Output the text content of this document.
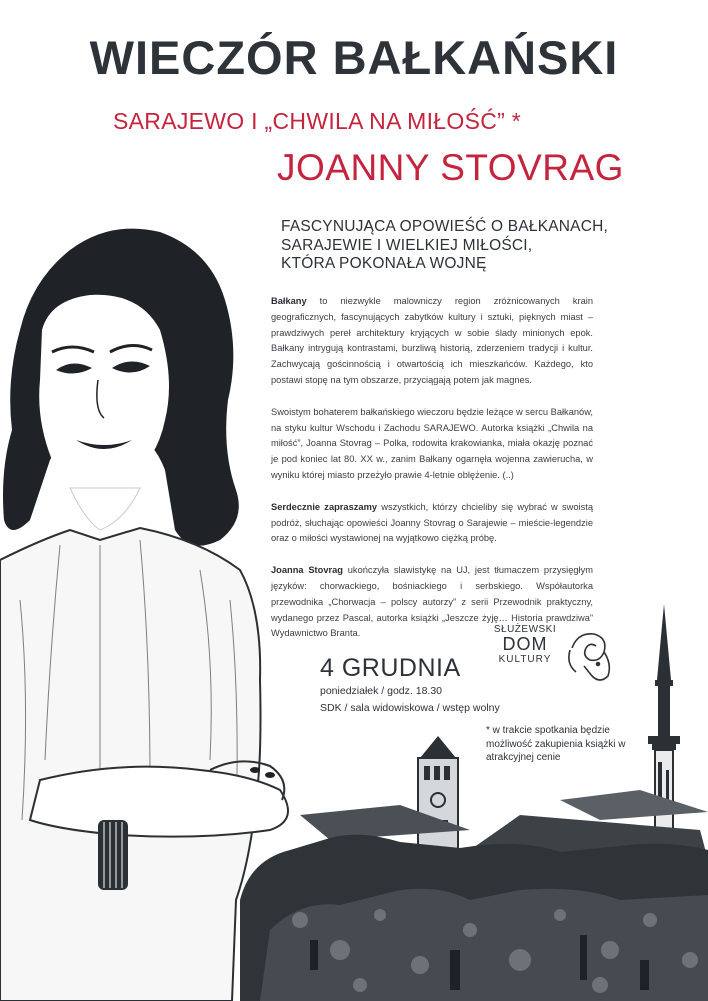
WIECZÓR BAŁKAŃSKI
SARAJEWO I „CHWILA NA MIŁOŚĆ” *
JOANNY STOVRAG
FASCYNUJĄCA OPOWIEŚĆ O BAŁKANACH,
SARAJEWIE I WIELKIEJ MIŁOŚCI,
KTÓRA POKONAŁA WOJNĘ

Bałkany to niezwykle malowniczy region zróżnicowanych krain geograficznych, fascynujących zabytków kultury i sztuki, pięknych miast – prawdziwych pereł architektury kryjących w sobie ślady minionych epok. Bałkany intrygują kontrastami, burzliwą historią, zderzeniem tradycji i kultur. Zachwycają gościnnością i otwartością ich mieszkańców. Każdego, kto postawi stopę na tym obszarze, przyciągają potem jak magnes.

Swoistym bohaterem bałkańskiego wieczoru będzie leżące w sercu Bałkanów, na styku kultur Wschodu i Zachodu SARAJEWO. Autorka książki „Chwila na miłość”, Joanna Stovrag – Polka, rodowita krakowianka, miała okazję poznać je pod koniec lat 80. XX w., zanim Bałkany ogarnęła wojenna zawierucha, w wyniku której miasto przeżyło prawie 4-letnie oblężenie. (..)

Serdecznie zapraszamy wszystkich, którzy chcieliby się wybrać w swoistą podróż, słuchając opowieści Joanny Stovrag o Sarajewie – mieście-legendzie oraz o miłości wystawionej na wyjątkowo ciężką próbę.

Joanna Stovrag ukończyła slawistykę na UJ, jest tłumaczem przysięgłym języków: chorwackiego, bośniackiego i serbskiego. Współautorka przewodnika „Chorwacja – polscy autorzy” z serii Przewodnik praktyczny, wydanego przez Pascal, autorka książki „Jeszcze żyję… Historia prawdziwa” Wydawnictwo Branta.	SŁUŻEWSKI
DOM
KULTURY
4 GRUDNIA
poniedziałek / godz. 18.30
SDK / sala widowiskowa / wstęp wolny
* w trakcie spotkania będzie możliwość zakupienia książki w atrakcyjnej cenie
